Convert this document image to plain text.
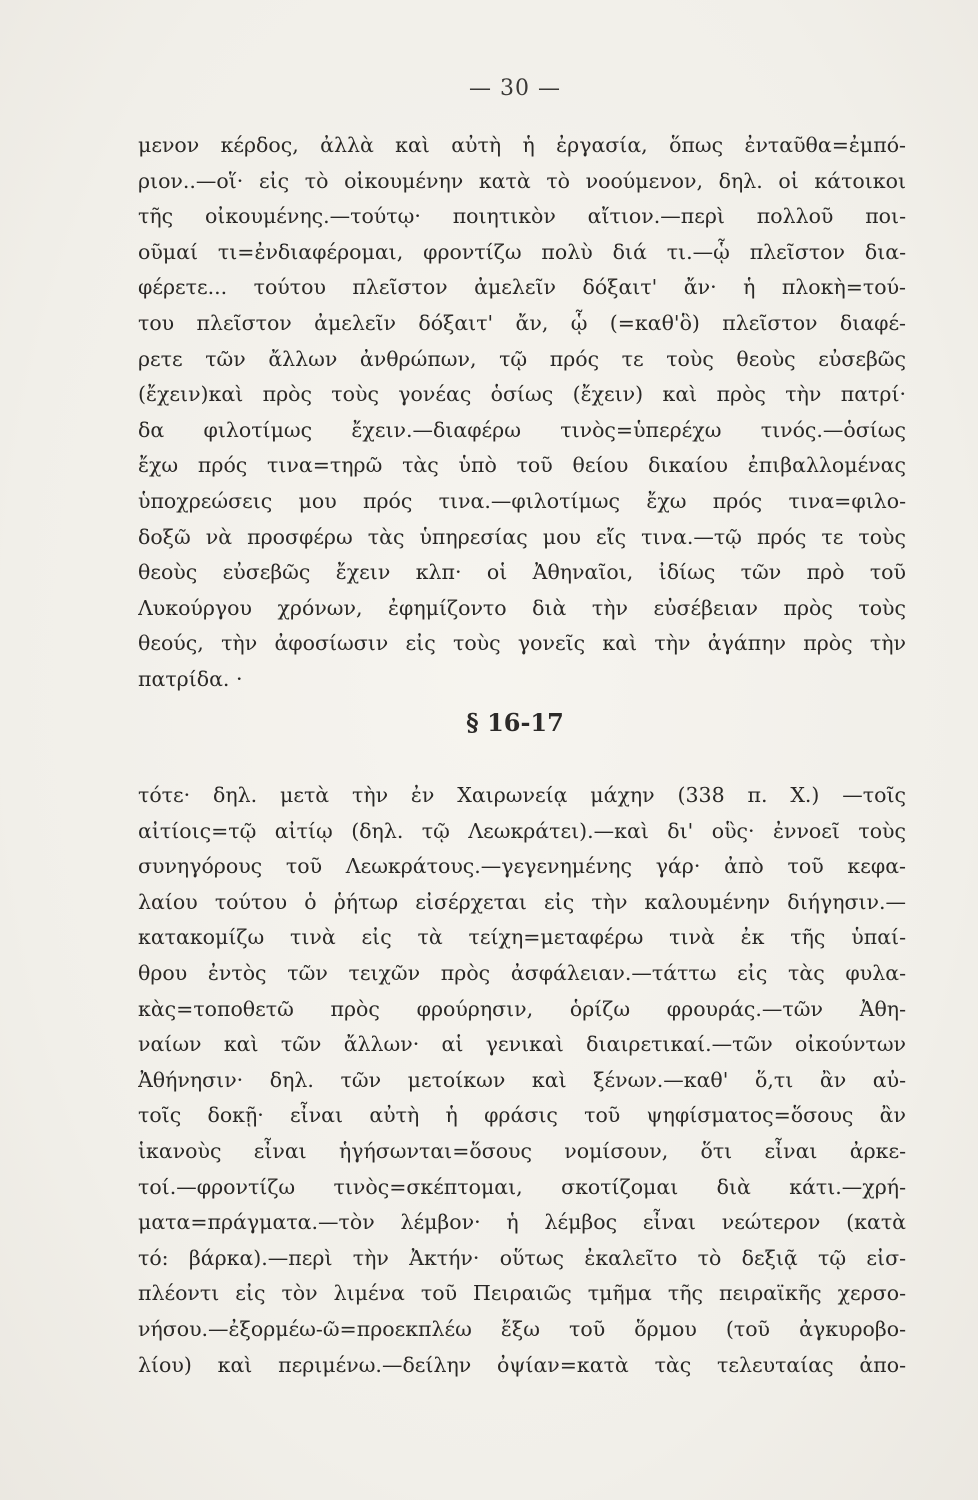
— 30 —
μενον κέρδος, ἀλλὰ καὶ αὐτὴ ἡ ἐργασία, ὅπως ἐνταῦθα=ἐμπό-
ριον..—οἵ· εἰς τὸ οἰκουμένην κατὰ τὸ νοούμενον, δηλ. οἱ κάτοικοι
τῆς οἰκουμένης.—τούτῳ· ποιητικὸν αἴτιον.—περὶ πολλοῦ ποι-
οῦμαί τι=ἐνδιαφέρομαι, φροντίζω πολὺ διά τι.—ᾧ πλεῖστον δια-
φέρετε... τούτου πλεῖστον ἀμελεῖν δόξαιτ' ἄν· ἡ πλοκὴ=τού-
του πλεῖστον ἀμελεῖν δόξαιτ' ἄν, ᾧ (=καθ'ὃ) πλεῖστον διαφέ-
ρετε τῶν ἄλλων ἀνθρώπων, τῷ πρός τε τοὺς θεοὺς εὐσεβῶς
(ἔχειν)καὶ πρὸς τοὺς γονέας ὁσίως (ἔχειν) καὶ πρὸς τὴν πατρί·
δα φιλοτίμως ἔχειν.—διαφέρω τινὸς=ὑπερέχω τινός.—ὁσίως
ἔχω πρός τινα=τηρῶ τὰς ὑπὸ τοῦ θείου δικαίου ἐπιβαλλομένας
ὑποχρεώσεις μου πρός τινα.—φιλοτίμως ἔχω πρός τινα=φιλο-
δοξῶ νὰ προσφέρω τὰς ὑπηρεσίας μου εἴς τινα.—τῷ πρός τε τοὺς
θεοὺς εὐσεβῶς ἔχειν κλπ· οἱ Ἀθηναῖοι, ἰδίως τῶν πρὸ τοῦ
Λυκούργου χρόνων, ἐφημίζοντο διὰ τὴν εὐσέβειαν πρὸς τοὺς
θεούς, τὴν ἀφοσίωσιν εἰς τοὺς γονεῖς καὶ τὴν ἀγάπην πρὸς τὴν
πατρίδα. ·
§ 16-17
τότε· δηλ. μετὰ τὴν ἐν Χαιρωνείᾳ μάχην (338 π. Χ.) —τοῖς
αἰτίοις=τῷ αἰτίῳ (δηλ. τῷ Λεωκράτει).—καὶ δι' οὓς· ἐννοεῖ τοὺς
συνηγόρους τοῦ Λεωκράτους.—γεγενημένης γάρ· ἀπὸ τοῦ κεφα-
λαίου τούτου ὁ ῥήτωρ εἰσέρχεται εἰς τὴν καλουμένην διήγησιν.—
κατακομίζω τινὰ εἰς τὰ τείχη=μεταφέρω τινὰ ἐκ τῆς ὑπαί-
θρου ἐντὸς τῶν τειχῶν πρὸς ἀσφάλειαν.—τάττω εἰς τὰς φυλα-
κὰς=τοποθετῶ πρὸς φρούρησιν, ὁρίζω φρουράς.—τῶν Ἀθη-
ναίων καὶ τῶν ἄλλων· αἱ γενικαὶ διαιρετικαί.—τῶν οἰκούντων
Ἀθήνησιν· δηλ. τῶν μετοίκων καὶ ξένων.—καθ' ὅ,τι ἂν αὐ-
τοῖς δοκῇ· εἶναι αὐτὴ ἡ φράσις τοῦ ψηφίσματος=ὅσους ἂν
ἱκανοὺς εἶναι ἡγήσωνται=ὅσους νομίσουν, ὅτι εἶναι ἀρκε-
τοί.—φροντίζω τινὸς=σκέπτομαι, σκοτίζομαι διὰ κάτι.—χρή-
ματα=πράγματα.—τὸν λέμβον· ἡ λέμβος εἶναι νεώτερον (κατὰ
τό: βάρκα).—περὶ τὴν Ἀκτήν· οὕτως ἐκαλεῖτο τὸ δεξιᾷ τῷ εἰσ-
πλέοντι εἰς τὸν λιμένα τοῦ Πειραιῶς τμῆμα τῆς πειραϊκῆς χερσο-
νήσου.—ἐξορμέω-ῶ=προεκπλέω ἔξω τοῦ ὅρμου (τοῦ ἀγκυροβο-
λίου) καὶ περιμένω.—δείλην ὀψίαν=κατὰ τὰς τελευταίας ἀπο-
